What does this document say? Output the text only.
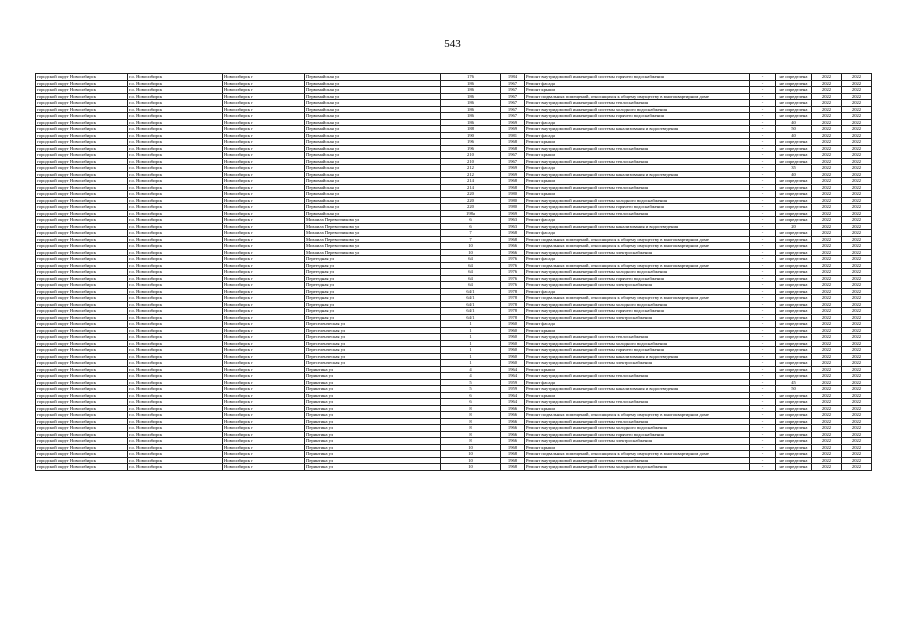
543
городской округ Новосибирск	г.о. Новосибирск	Новосибирск г	Первомайская ул	176	1984	Ремонт внутридомовой инженерной системы горячего водоснабжения	-	не определена	2022	2022
городской округ Новосибирск	г.о. Новосибирск	Новосибирск г	Первомайская ул	186	1967	Ремонт фасада	-	не определена	2022	2022
городской округ Новосибирск	г.о. Новосибирск	Новосибирск г	Первомайская ул	186	1967	Ремонт крыши	-	не определена	2022	2022
городской округ Новосибирск	г.о. Новосибирск	Новосибирск г	Первомайская ул	186	1967	Ремонт подвальных помещений, относящихся к общему имуществу в многоквартирном доме	-	не определена	2022	2022
городской округ Новосибирск	г.о. Новосибирск	Новосибирск г	Первомайская ул	186	1967	Ремонт внутридомовой инженерной системы теплоснабжения	-	не определена	2022	2022
городской округ Новосибирск	г.о. Новосибирск	Новосибирск г	Первомайская ул	186	1967	Ремонт внутридомовой инженерной системы холодного водоснабжения	-	не определена	2022	2022
городской округ Новосибирск	г.о. Новосибирск	Новосибирск г	Первомайская ул	186	1967	Ремонт внутридомовой инженерной системы горячего водоснабжения	-	не определена	2022	2022
городской округ Новосибирск	г.о. Новосибирск	Новосибирск г	Первомайская ул	186	1969	Ремонт фасада	-	40	2022	2022
городской округ Новосибирск	г.о. Новосибирск	Новосибирск г	Первомайская ул	188	1969	Ремонт внутридомовой инженерной системы канализования и водоотведения	-	50	2022	2022
городской округ Новосибирск	г.о. Новосибирск	Новосибирск г	Первомайская ул	190	1981	Ремонт фасада	-	40	2022	2022
городской округ Новосибирск	г.о. Новосибирск	Новосибирск г	Первомайская ул	196	1968	Ремонт крыши	-	не определена	2022	2022
городской округ Новосибирск	г.о. Новосибирск	Новосибирск г	Первомайская ул	196	1968	Ремонт внутридомовой инженерной системы теплоснабжения	-	не определена	2022	2022
городской округ Новосибирск	г.о. Новосибирск	Новосибирск г	Первомайская ул	210	1967	Ремонт крыши	-	не определена	2022	2022
городской округ Новосибирск	г.о. Новосибирск	Новосибирск г	Первомайская ул	210	1967	Ремонт внутридомовой инженерной системы теплоснабжения	-	не определена	2022	2022
городской округ Новосибирск	г.о. Новосибирск	Новосибирск г	Первомайская ул	212	1969	Ремонт фасада	-	35	2022	2022
городской округ Новосибирск	г.о. Новосибирск	Новосибирск г	Первомайская ул	212	1969	Ремонт внутридомовой инженерной системы канализования и водоотведения	-	40	2022	2022
городской округ Новосибирск	г.о. Новосибирск	Новосибирск г	Первомайская ул	214	1968	Ремонт крыши	-	не определена	2022	2022
городской округ Новосибирск	г.о. Новосибирск	Новосибирск г	Первомайская ул	214	1968	Ремонт внутридомовой инженерной системы теплоснабжения	-	не определена	2022	2022
городской округ Новосибирск	г.о. Новосибирск	Новосибирск г	Первомайская ул	220	1980	Ремонт крыши	-	не определена	2022	2022
городской округ Новосибирск	г.о. Новосибирск	Новосибирск г	Первомайская ул	220	1980	Ремонт внутридомовой инженерной системы холодного водоснабжения	-	не определена	2022	2022
городской округ Новосибирск	г.о. Новосибирск	Новосибирск г	Первомайская ул	220	1980	Ремонт внутридомовой инженерной системы горячего водоснабжения	-	не определена	2022	2022
городской округ Новосибирск	г.о. Новосибирск	Новосибирск г	Первомайская ул	198а	1969	Ремонт внутридомовой инженерной системы теплоснабжения	-	не определена	2022	2022
городской округ Новосибирск	г.о. Новосибирск	Новосибирск г	Михаила Перевозчикова ул	6	1963	Ремонт фасада	-	не определена	2022	2022
городской округ Новосибирск	г.о. Новосибирск	Новосибирск г	Михаила Перевозчикова ул	6	1963	Ремонт внутридомовой инженерной системы канализования и водоотведения	-	20	2022	2022
городской округ Новосибирск	г.о. Новосибирск	Новосибирск г	Михаила Перевозчикова ул	7	1968	Ремонт фасада	-	не определена	2022	2022
городской округ Новосибирск	г.о. Новосибирск	Новосибирск г	Михаила Перевозчикова ул	7	1968	Ремонт подвальных помещений, относящихся к общему имуществу в многоквартирном доме	-	не определена	2022	2022
городской округ Новосибирск	г.о. Новосибирск	Новосибирск г	Михаила Перевозчикова ул	10	1966	Ремонт подвальных помещений, относящихся к общему имуществу в многоквартирном доме	-	не определена	2022	2022
городской округ Новосибирск	г.о. Новосибирск	Новосибирск г	Михаила Перевозчикова ул	10	1966	Ремонт внутридомовой инженерной системы электроснабжения	-	не определена	2022	2022
городской округ Новосибирск	г.о. Новосибирск	Новосибирск г	Переездная ул	64	1976	Ремонт фасада	-	не определена	2022	2022
городской округ Новосибирск	г.о. Новосибирск	Новосибирск г	Переездная ул	64	1976	Ремонт подвальных помещений, относящихся к общему имуществу в многоквартирном доме	-	не определена	2022	2022
городской округ Новосибирск	г.о. Новосибирск	Новосибирск г	Переездная ул	64	1976	Ремонт внутридомовой инженерной системы холодного водоснабжения	-	не определена	2022	2022
городской округ Новосибирск	г.о. Новосибирск	Новосибирск г	Переездная ул	64	1976	Ремонт внутридомовой инженерной системы горячего водоснабжения	-	не определена	2022	2022
городской округ Новосибирск	г.о. Новосибирск	Новосибирск г	Переездная ул	64	1976	Ремонт внутридомовой инженерной системы электроснабжения	-	не определена	2022	2022
городской округ Новосибирск	г.о. Новосибирск	Новосибирск г	Переездная ул	64/1	1978	Ремонт фасада	-	не определена	2022	2022
городской округ Новосибирск	г.о. Новосибирск	Новосибирск г	Переездная ул	64/1	1978	Ремонт подвальных помещений, относящихся к общему имуществу в многоквартирном доме	-	не определена	2022	2022
городской округ Новосибирск	г.о. Новосибирск	Новосибирск г	Переездная ул	64/1	1978	Ремонт внутридомовой инженерной системы холодного водоснабжения	-	не определена	2022	2022
городской округ Новосибирск	г.о. Новосибирск	Новосибирск г	Переездная ул	64/1	1978	Ремонт внутридомовой инженерной системы горячего водоснабжения	-	не определена	2022	2022
городской округ Новосибирск	г.о. Новосибирск	Новосибирск г	Переездная ул	64/1	1978	Ремонт внутридомовой инженерной системы электроснабжения	-	не определена	2022	2022
городской округ Новосибирск	г.о. Новосибирск	Новосибирск г	Переселенческая ул	1	1960	Ремонт фасада	-	не определена	2022	2022
городской округ Новосибирск	г.о. Новосибирск	Новосибирск г	Переселенческая ул	1	1960	Ремонт крыши	-	не определена	2022	2022
городской округ Новосибирск	г.о. Новосибирск	Новосибирск г	Переселенческая ул	1	1960	Ремонт внутридомовой инженерной системы теплоснабжения	-	не определена	2022	2022
городской округ Новосибирск	г.о. Новосибирск	Новосибирск г	Переселенческая ул	1	1960	Ремонт внутридомовой инженерной системы холодного водоснабжения	-	не определена	2022	2022
городской округ Новосибирск	г.о. Новосибирск	Новосибирск г	Переселенческая ул	1	1960	Ремонт внутридомовой инженерной системы горячего водоснабжения	-	не определена	2022	2022
городской округ Новосибирск	г.о. Новосибирск	Новосибирск г	Переселенческая ул	1	1960	Ремонт внутридомовой инженерной системы канализования и водоотведения	-	не определена	2022	2022
городской округ Новосибирск	г.о. Новосибирск	Новосибирск г	Переселенческая ул	1	1960	Ремонт внутридомовой инженерной системы электроснабжения	-	не определена	2022	2022
городской округ Новосибирск	г.о. Новосибирск	Новосибирск г	Перинтина ул	4	1964	Ремонт крыши	-	не определена	2022	2022
городской округ Новосибирск	г.о. Новосибирск	Новосибирск г	Перинтина ул	4	1964	Ремонт внутридомовой инженерной системы теплоснабжения	-	не определена	2022	2022
городской округ Новосибирск	г.о. Новосибирск	Новосибирск г	Перинтина ул	5	1959	Ремонт фасада	-	45	2022	2022
городской округ Новосибирск	г.о. Новосибирск	Новосибирск г	Перинтина ул	5	1959	Ремонт внутридомовой инженерной системы канализования и водоотведения	-	50	2022	2022
городской округ Новосибирск	г.о. Новосибирск	Новосибирск г	Перинтина ул	6	1964	Ремонт крыши	-	не определена	2022	2022
городской округ Новосибирск	г.о. Новосибирск	Новосибирск г	Перинтина ул	6	1964	Ремонт внутридомовой инженерной системы теплоснабжения	-	не определена	2022	2022
городской округ Новосибирск	г.о. Новосибирск	Новосибирск г	Перинтина ул	8	1966	Ремонт крыши	-	не определена	2022	2022
городской округ Новосибирск	г.о. Новосибирск	Новосибирск г	Перинтина ул	8	1966	Ремонт подвальных помещений, относящихся к общему имуществу в многоквартирном доме	-	не определена	2022	2022
городской округ Новосибирск	г.о. Новосибирск	Новосибирск г	Перинтина ул	8	1966	Ремонт внутридомовой инженерной системы теплоснабжения	-	не определена	2022	2022
городской округ Новосибирск	г.о. Новосибирск	Новосибирск г	Перинтина ул	8	1966	Ремонт внутридомовой инженерной системы холодного водоснабжения	-	не определена	2022	2022
городской округ Новосибирск	г.о. Новосибирск	Новосибирск г	Перинтина ул	8	1966	Ремонт внутридомовой инженерной системы горячего водоснабжения	-	не определена	2022	2022
городской округ Новосибирск	г.о. Новосибирск	Новосибирск г	Перинтина ул	8	1966	Ремонт внутридомовой инженерной системы электроснабжения	-	не определена	2022	2022
городской округ Новосибирск	г.о. Новосибирск	Новосибирск г	Перинтина ул	10	1968	Ремонт крыши	-	не определена	2022	2022
городской округ Новосибирск	г.о. Новосибирск	Новосибирск г	Перинтина ул	10	1968	Ремонт подвальных помещений, относящихся к общему имуществу в многоквартирном доме	-	не определена	2022	2022
городской округ Новосибирск	г.о. Новосибирск	Новосибирск г	Перинтина ул	10	1968	Ремонт внутридомовой инженерной системы теплоснабжения	-	не определена	2022	2022
городской округ Новосибирск	г.о. Новосибирск	Новосибирск г	Перинтина ул	10	1968	Ремонт внутридомовой инженерной системы холодного водоснабжения	-	не определена	2022	2022
